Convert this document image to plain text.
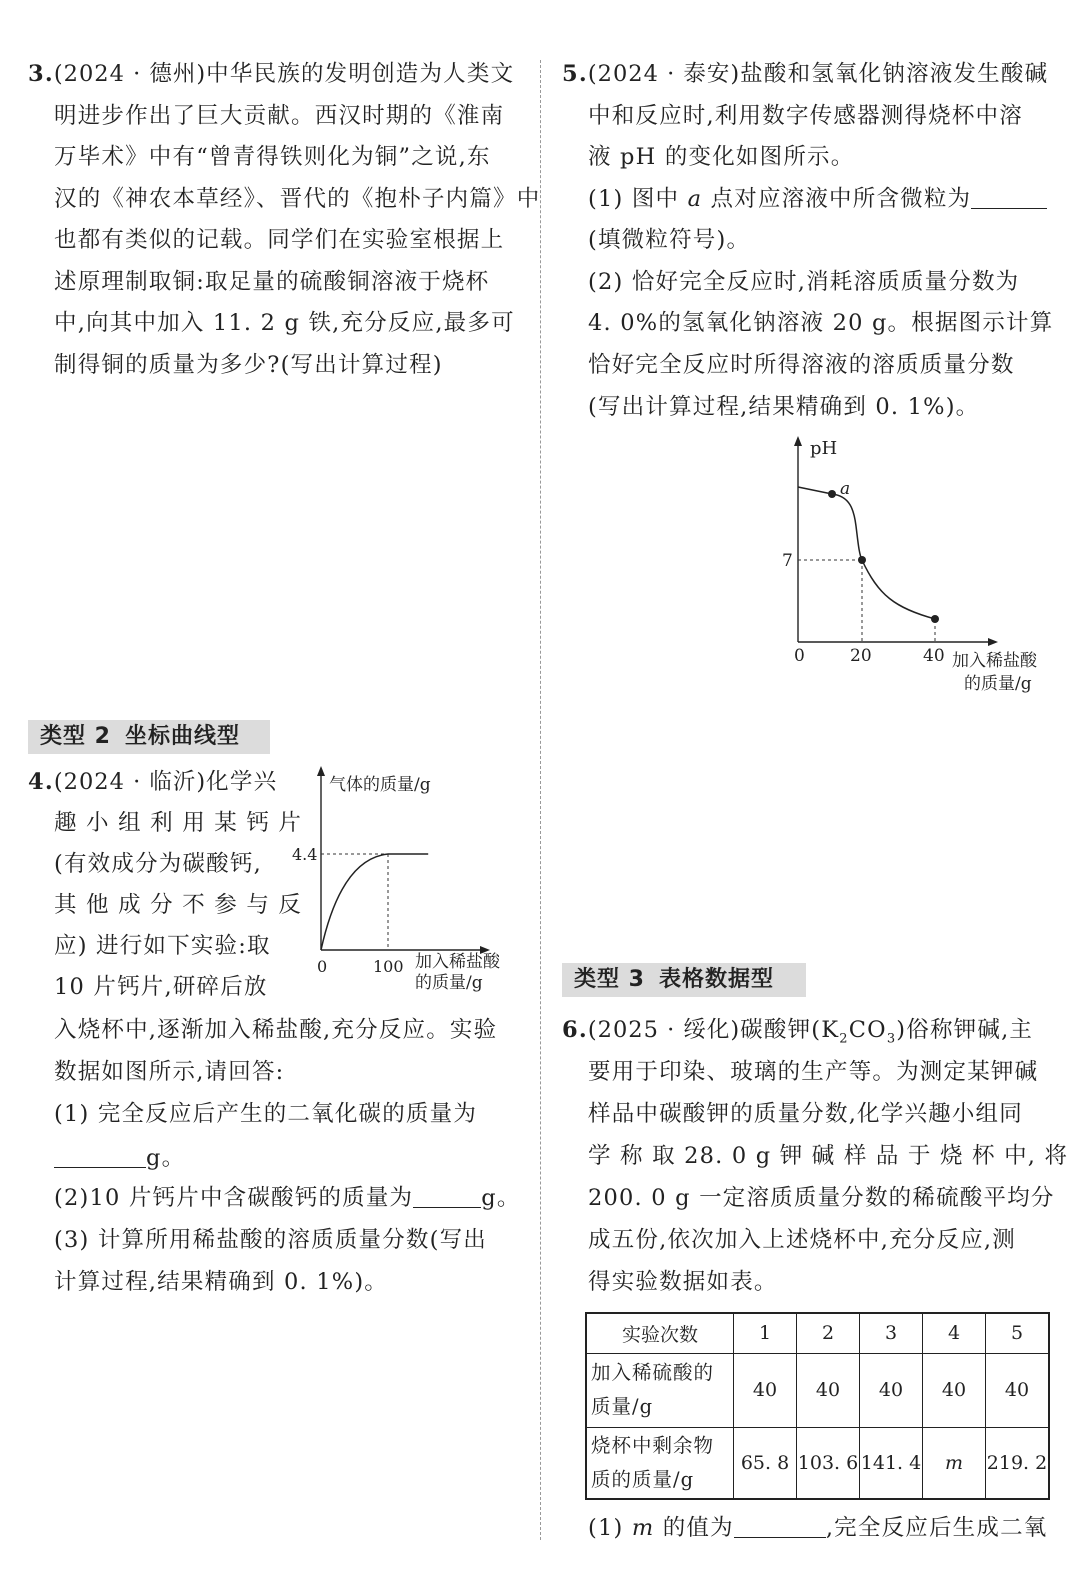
3.(2024 · 德州)中华民族的发明创造为人类文

明进步作出了巨大贡献。西汉时期的《淮南

万毕术》中有“曾青得铁则化为铜”之说,东

汉的《神农本草经》、晋代的《抱朴子内篇》中

也都有类似的记载。同学们在实验室根据上

述原理制取铜:取足量的硫酸铜溶液于烧杯

中,向其中加入 11. 2 g 铁,充分反应,最多可

制得铜的质量为多少?(写出计算过程)

类型 2 坐标曲线型

4.(2024 · 临沂)化学兴

趣 小 组 利 用 某 钙 片

(有效成分为碳酸钙,

其 他 成 分 不 参 与 反

应) 进行如下实验:取

10 片钙片,研碎后放

入烧杯中,逐渐加入稀盐酸,充分反应。实验

数据如图所示,请回答:

(1) 完全反应后产生的二氧化碳的质量为

g。

(2)10 片钙片中含碳酸钙的质量为	g。

(3) 计算所用稀盐酸的溶质质量分数(写出

计算过程,结果精确到 0. 1%)。

气体的质量/g
4.4
0	100 加入稀盐酸
的质量/g

5.(2024 · 泰安)盐酸和氢氧化钠溶液发生酸碱

中和反应时,利用数字传感器测得烧杯中溶

液 pH 的变化如图所示。

(1) 图中 a 点对应溶液中所含微粒为

(填微粒符号)。

(2) 恰好完全反应时,消耗溶质质量分数为

4. 0%的氢氧化钠溶液 20 g。根据图示计算

恰好完全反应时所得溶液的溶质质量分数

(写出计算过程,结果精确到 0. 1%)。

a
pH
7
0	20	40 加入稀盐酸
的质量/g
类型 3 表格数据型

6.(2025 · 绥化)碳酸钾$(K_2CO_3)$俗称钾碱,主

要用于印染、玻璃的生产等。为测定某钾碱

样品中碳酸钾的质量分数,化学兴趣小组同

学 称 取 28. 0 g 钾 碱 样 品 于 烧 杯 中, 将

200. 0 g 一定溶质质量分数的稀硫酸平均分

成五份,依次加入上述烧杯中,充分反应,测

得实验数据如表。

实验次数	1	2	3	4	5

加入稀硫酸的
质量/g	40	40	40	40	40

烧杯中剩余物
质的质量/g	65. 8	103. 6	141. 4	m	219. 2

(1) m 的值为	,完全反应后生成二氧
